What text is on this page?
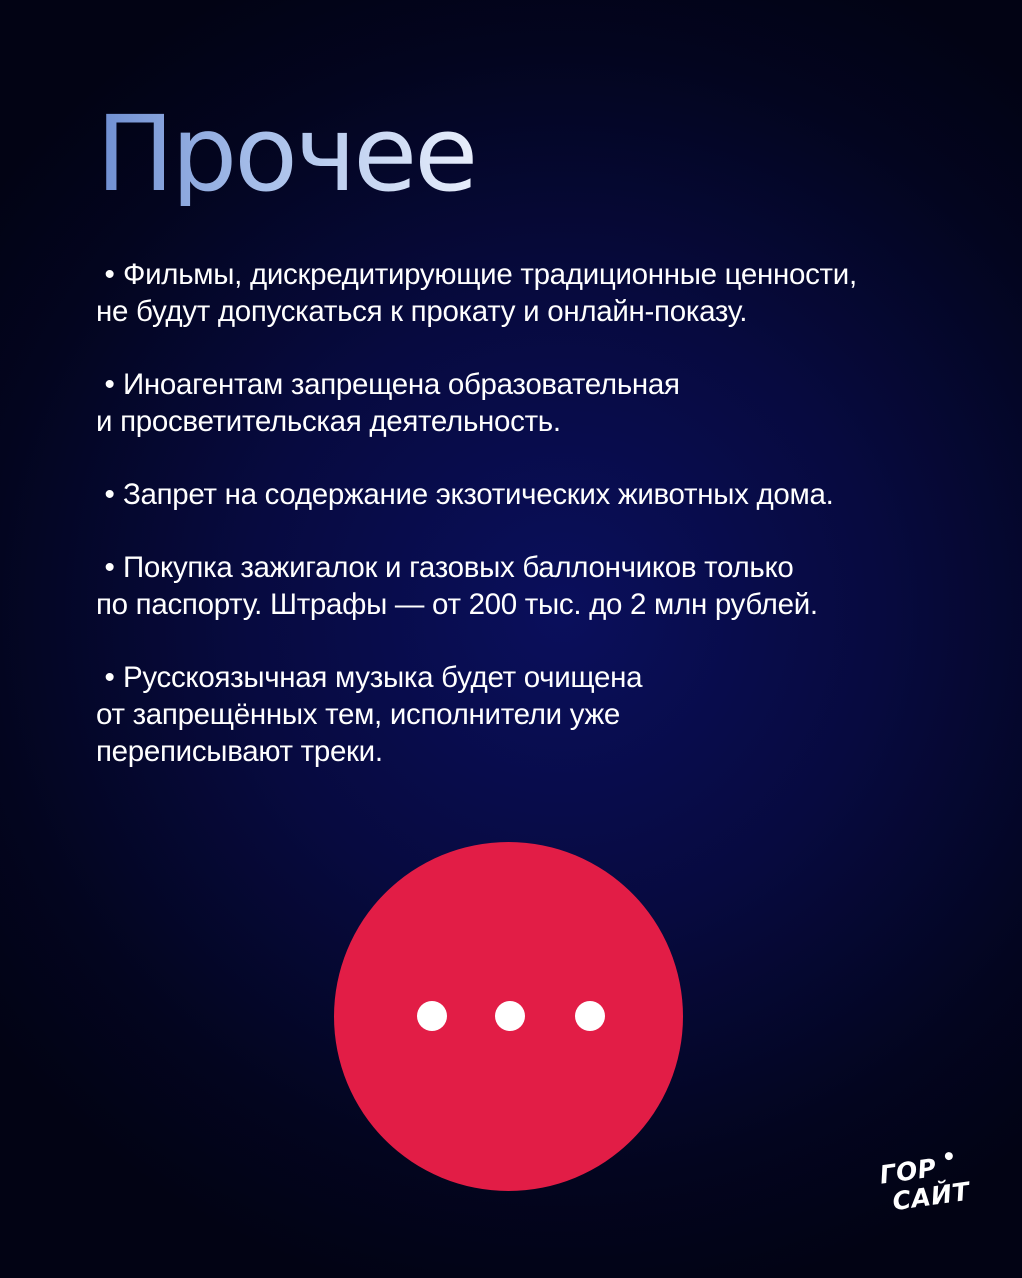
Прочее
• Фильмы, дискредитирующие традиционные ценности,
не будут допускаться к прокату и онлайн-показу.
• Иноагентам запрещена образовательная
и просветительская деятельность.
• Запрет на содержание экзотических животных дома.
• Покупка зажигалок и газовых баллончиков только
по паспорту. Штрафы — от 200 тыс. до 2 млн рублей.
• Русскоязычная музыка будет очищена
от запрещённых тем, исполнители уже
переписывают треки.
ГОР
САЙТ
